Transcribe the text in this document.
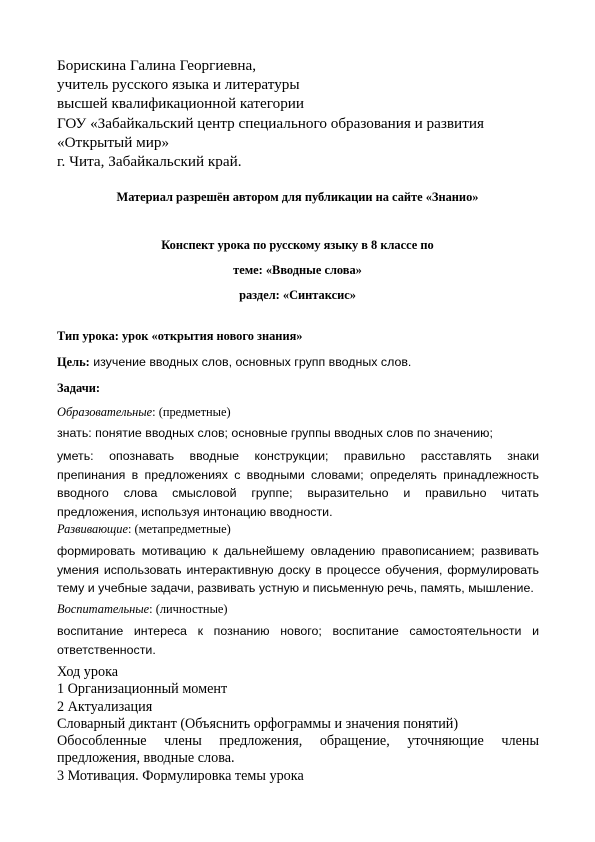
Борискина Галина Георгиевна,
учитель русского языка и литературы
высшей квалификационной категории
ГОУ «Забайкальский центр специального образования и развития
«Открытый мир»
г. Чита, Забайкальский край.
Материал разрешён автором для публикации на сайте «Знанио»
Конспект урока по русскому языку в 8 классе по
теме: «Вводные слова»
раздел: «Синтаксис»
Тип урока: урок «открытия нового знания»
Цель: изучение вводных слов, основных групп вводных слов.
Задачи:
Образовательные: (предметные)
знать: понятие вводных слов; основные группы вводных слов по значению;
уметь: опознавать вводные конструкции; правильно расставлять знаки
препинания в предложениях с вводными словами; определять принадлежность
вводного слова смысловой группе; выразительно и правильно читать
предложения, используя интонацию вводности.
Развивающие: (метапредметные)
формировать мотивацию к дальнейшему овладению правописанием; развивать
умения использовать интерактивную доску в процессе обучения, формулировать
тему и учебные задачи, развивать устную и письменную речь, память, мышление.
Воспитательные: (личностные)
воспитание интереса к познанию нового; воспитание самостоятельности и
ответственности.
Ход урока
1 Организационный момент
2 Актуализация
Словарный диктант (Объяснить орфограммы и значения понятий)
Обособленные члены предложения, обращение, уточняющие члены
предложения, вводные слова.
3 Мотивация. Формулировка темы урока
